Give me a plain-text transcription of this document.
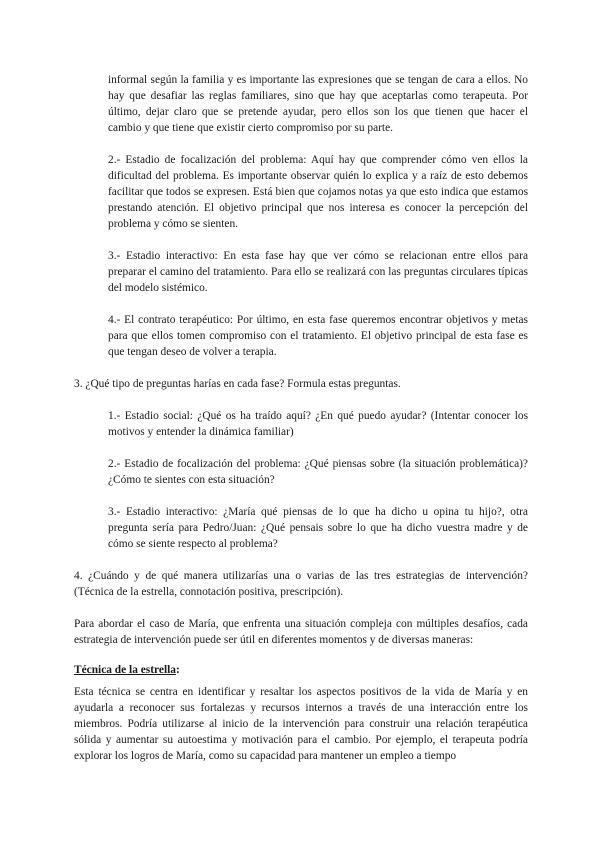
informal según la familia y es importante las expresiones que se tengan de cara a ellos. No hay que desafiar las reglas familiares, sino que hay que aceptarlas como terapeuta. Por último, dejar claro que se pretende ayudar, pero ellos son los que tienen que hacer el cambio y que tiene que existir cierto compromiso por su parte.
2.- Estadio de focalización del problema: Aquí hay que comprender cómo ven ellos la dificultad del problema. Es importante observar quién lo explica y a raíz de esto debemos facilitar que todos se expresen. Está bien que cojamos notas ya que esto indica que estamos prestando atención. El objetivo principal que nos interesa es conocer la percepción del problema y cómo se sienten.
3.- Estadio interactivo: En esta fase hay que ver cómo se relacionan entre ellos para preparar el camino del tratamiento. Para ello se realizará con las preguntas circulares típicas del modelo sistémico.
4.- El contrato terapéutico: Por último, en esta fase queremos encontrar objetivos y metas para que ellos tomen compromiso con el tratamiento. El objetivo principal de esta fase es que tengan deseo de volver a terapia.
3. ¿Qué tipo de preguntas harías en cada fase? Formula estas preguntas.
1.- Estadio social: ¿Qué os ha traído aquí? ¿En qué puedo ayudar? (Intentar conocer los motivos y entender la dinámica familiar)
2.- Estadio de focalización del problema: ¿Qué piensas sobre (la situación problemática)? ¿Cómo te sientes con esta situación?
3.- Estadio interactivo: ¿María qué piensas de lo que ha dicho u opina tu hijo?, otra pregunta sería para Pedro/Juan: ¿Qué pensais sobre lo que ha dicho vuestra madre y de cómo se siente respecto al problema?
4. ¿Cuándo y de qué manera utilizarías una o varias de las tres estrategias de intervención? (Técnica de la estrella, connotación positiva, prescripción).
Para abordar el caso de María, que enfrenta una situación compleja con múltiples desafíos, cada estrategia de intervención puede ser útil en diferentes momentos y de diversas maneras:
Técnica de la estrella:
Esta técnica se centra en identificar y resaltar los aspectos positivos de la vida de María y en ayudarla a reconocer sus fortalezas y recursos internos a través de una interacción entre los miembros. Podría utilizarse al inicio de la intervención para construir una relación terapéutica sólida y aumentar su autoestima y motivación para el cambio. Por ejemplo, el terapeuta podría explorar los logros de María, como su capacidad para mantener un empleo a tiempo
